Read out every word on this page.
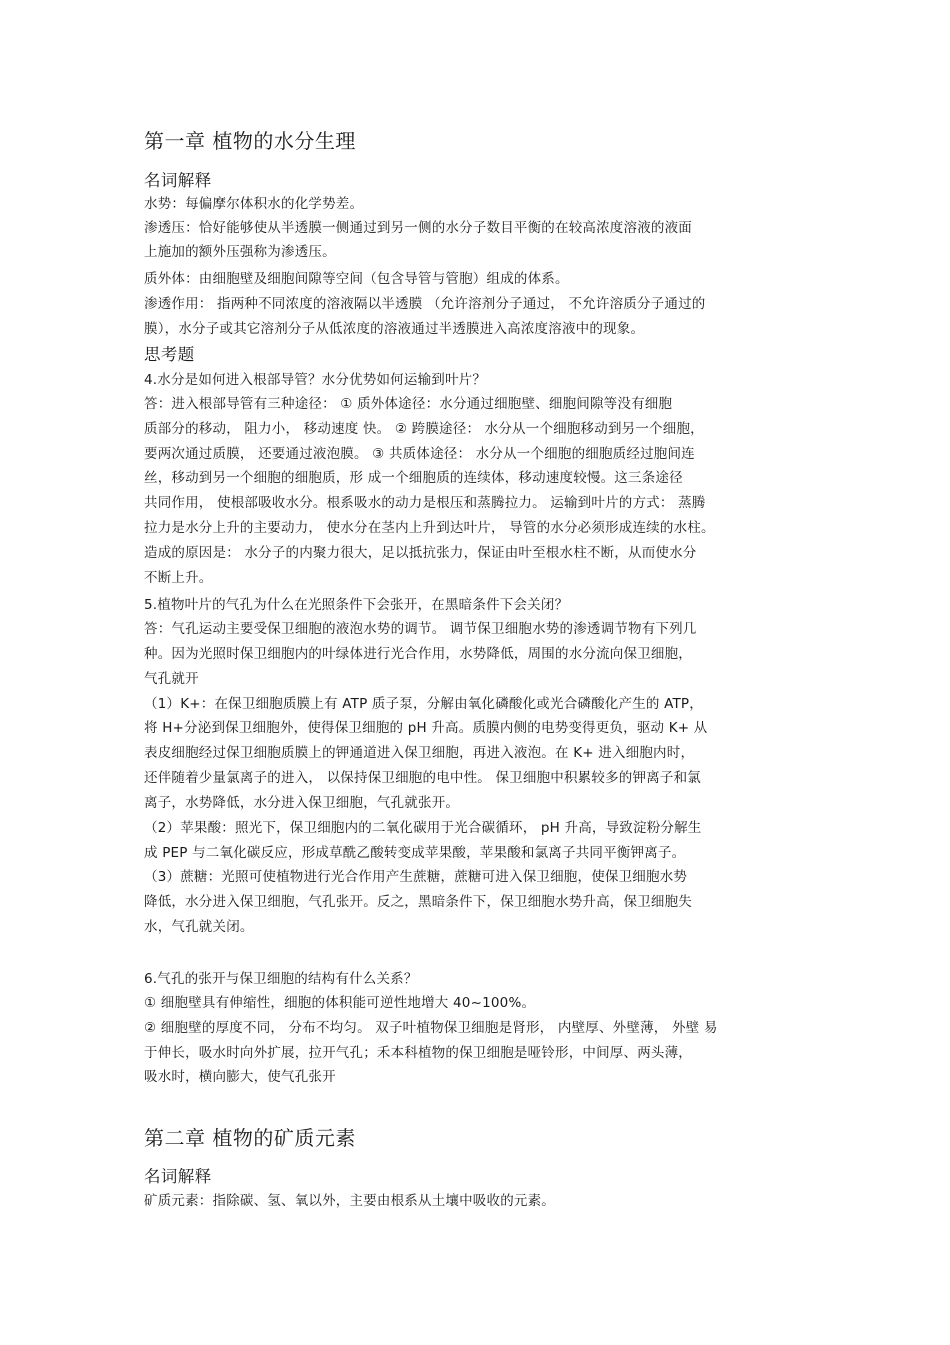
第一章 植物的水分生理
名词解释
水势：每偏摩尔体积水的化学势差。
渗透压：恰好能够使从半透膜一侧通过到另一侧的水分子数目平衡的在较高浓度溶液的液面
上施加的额外压强称为渗透压。
质外体：由细胞壁及细胞间隙等空间（包含导管与管胞）组成的体系。
渗透作用： 指两种不同浓度的溶液隔以半透膜 （允许溶剂分子通过， 不允许溶质分子通过的
膜），水分子或其它溶剂分子从低浓度的溶液通过半透膜进入高浓度溶液中的现象。
思考题
4.水分是如何进入根部导管？水分优势如何运输到叶片？
答：进入根部导管有三种途径： ① 质外体途径：水分通过细胞壁、细胞间隙等没有细胞
质部分的移动， 阻力小， 移动速度 快。 ② 跨膜途径： 水分从一个细胞移动到另一个细胞，
要两次通过质膜， 还要通过液泡膜。 ③ 共质体途径： 水分从一个细胞的细胞质经过胞间连
丝，移动到另一个细胞的细胞质，形 成一个细胞质的连续体，移动速度较慢。这三条途径
共同作用， 使根部吸收水分。根系吸水的动力是根压和蒸腾拉力。 运输到叶片的方式： 蒸腾
拉力是水分上升的主要动力， 使水分在茎内上升到达叶片， 导管的水分必须形成连续的水柱。
造成的原因是： 水分子的内聚力很大，足以抵抗张力，保证由叶至根水柱不断，从而使水分
不断上升。
5.植物叶片的气孔为什么在光照条件下会张开，在黑暗条件下会关闭？
答：气孔运动主要受保卫细胞的液泡水势的调节。 调节保卫细胞水势的渗透调节物有下列几
种。因为光照时保卫细胞内的叶绿体进行光合作用，水势降低，周围的水分流向保卫细胞，
气孔就开
（1）K+：在保卫细胞质膜上有 ATP 质子泵，分解由氧化磷酸化或光合磷酸化产生的 ATP，
将 H+分泌到保卫细胞外，使得保卫细胞的 pH 升高。质膜内侧的电势变得更负，驱动 K+ 从
表皮细胞经过保卫细胞质膜上的钾通道进入保卫细胞，再进入液泡。在 K+ 进入细胞内时，
还伴随着少量氯离子的进入， 以保持保卫细胞的电中性。 保卫细胞中积累较多的钾离子和氯
离子，水势降低，水分进入保卫细胞，气孔就张开。
（2）苹果酸：照光下，保卫细胞内的二氧化碳用于光合碳循环， pH 升高，导致淀粉分解生
成 PEP 与二氧化碳反应，形成草酰乙酸转变成苹果酸，苹果酸和氯离子共同平衡钾离子。
（3）蔗糖：光照可使植物进行光合作用产生蔗糖，蔗糖可进入保卫细胞，使保卫细胞水势
降低，水分进入保卫细胞，气孔张开。反之，黑暗条件下，保卫细胞水势升高，保卫细胞失
水，气孔就关闭。
6.气孔的张开与保卫细胞的结构有什么关系？
① 细胞壁具有伸缩性，细胞的体积能可逆性地增大 40~100%。
② 细胞壁的厚度不同， 分布不均匀。 双子叶植物保卫细胞是肾形， 内壁厚、外壁薄， 外壁 易
于伸长，吸水时向外扩展，拉开气孔；禾本科植物的保卫细胞是哑铃形，中间厚、两头薄，
吸水时，横向膨大，使气孔张开
第二章 植物的矿质元素
名词解释
矿质元素：指除碳、氢、氧以外，主要由根系从土壤中吸收的元素。
